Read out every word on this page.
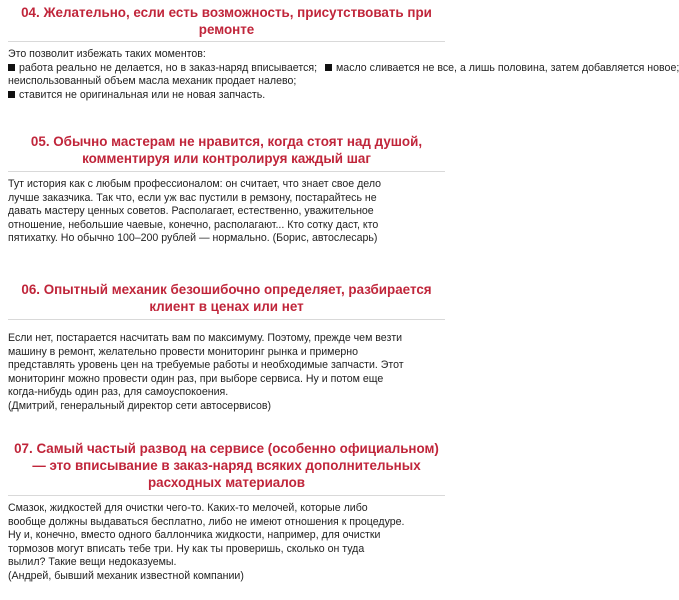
04. Желательно, если есть возможность, присутствовать при
ремонте
Это позволит избежать таких моментов:
работа реально не делается, но в заказ-наряд вписывается; масло сливается не все, а лишь половина, затем добавляется новое;
неиспользованный объем масла механик продает налево;
ставится не оригинальная или не новая запчасть.
05. Обычно мастерам не нравится, когда стоят над душой,
комментируя или контролируя каждый шаг
Тут история как с любым профессионалом: он считает, что знает свое дело
лучше заказчика. Так что, если уж вас пустили в ремзону, постарайтесь не
давать мастеру ценных советов. Располагает, естественно, уважительное
отношение, небольшие чаевые, конечно, располагают... Кто сотку даст, кто
пятихатку. Но обычно 100–200 рублей — нормально. (Борис, автослесарь)
06. Опытный механик безошибочно определяет, разбирается
клиент в ценах или нет
Если нет, постарается насчитать вам по максимуму. Поэтому, прежде чем везти
машину в ремонт, желательно провести мониторинг рынка и примерно
представлять уровень цен на требуемые работы и необходимые запчасти. Этот
мониторинг можно провести один раз, при выборе сервиса. Ну и потом еще
когда-нибудь один раз, для самоуспокоения.
(Дмитрий, генеральный директор сети автосервисов)
07. Самый частый развод на сервисе (особенно официальном)
— это вписывание в заказ-наряд всяких дополнительных
расходных материалов
Смазок, жидкостей для очистки чего-то. Каких-то мелочей, которые либо
вообще должны выдаваться бесплатно, либо не имеют отношения к процедуре.
Ну и, конечно, вместо одного баллончика жидкости, например, для очистки
тормозов могут вписать тебе три. Ну как ты проверишь, сколько он туда
вылил? Такие вещи недоказуемы.
(Андрей, бывший механик известной компании)
